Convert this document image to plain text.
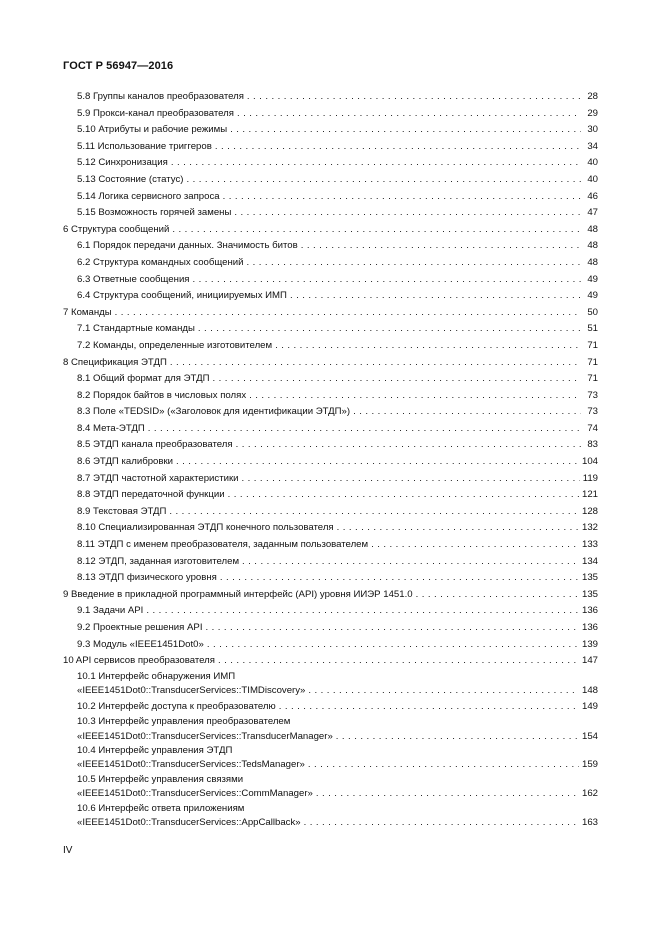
ГОСТ Р 56947—2016
5.8 Группы каналов преобразователя . . .	28
5.9 Прокси-канал преобразователя . . .	29
5.10 Атрибуты и рабочие режимы . . .	30
5.11 Использование триггеров . . .	34
5.12 Синхронизация . . .	40
5.13 Состояние (статус) . . .	40
5.14 Логика сервисного запроса . . .	46
5.15 Возможность горячей замены . . .	47
6 Структура сообщений . . .	48
6.1 Порядок передачи данных. Значимость битов . . .	48
6.2 Структура командных сообщений . . .	48
6.3 Ответные сообщения . . .	49
6.4 Структура сообщений, инициируемых ИМП . . .	49
7 Команды . . .	50
7.1 Стандартные команды . . .	51
7.2 Команды, определенные изготовителем . . .	71
8 Спецификация ЭТДП . . .	71
8.1 Общий формат для ЭТДП . . .	71
8.2 Порядок байтов в числовых полях . . .	73
8.3 Поле «TEDSID» («Заголовок для идентификации ЭТДП») . . .	73
8.4 Мета-ЭТДП . . .	74
8.5 ЭТДП канала преобразователя . . .	83
8.6 ЭТДП калибровки . . .	104
8.7 ЭТДП частотной характеристики . . .	119
8.8 ЭТДП передаточной функции . . .	121
8.9 Текстовая ЭТДП . . .	128
8.10 Специализированная ЭТДП конечного пользователя . . .	132
8.11 ЭТДП с именем преобразователя, заданным пользователем . . .	133
8.12 ЭТДП, заданная изготовителем . . .	134
8.13 ЭТДП физического уровня . . .	135
9 Введение в прикладной программный интерфейс (API) уровня ИИЭР 1451.0 . . .	135
9.1 Задачи API . . .	136
9.2 Проектные решения API . . .	136
9.3 Модуль «IEEE1451Dot0» . . .	139
10 API сервисов преобразователя . . .	147
10.1 Интерфейс обнаружения ИМП
«IEEE1451Dot0::TransducerServices::TIMDiscovery» . . .	148
10.2 Интерфейс доступа к преобразователю . . .	149
10.3 Интерфейс управления преобразователем
«IEEE1451Dot0::TransducerServices::TransducerManager» . . .	154
10.4 Интерфейс управления ЭТДП
«IEEE1451Dot0::TransducerServices::TedsManager» . . .	159
10.5 Интерфейс управления связями
«IEEE1451Dot0::TransducerServices::CommManager» . . .	162
10.6 Интерфейс ответа приложениям
«IEEE1451Dot0::TransducerServices::AppCallback» . . .	163
IV
